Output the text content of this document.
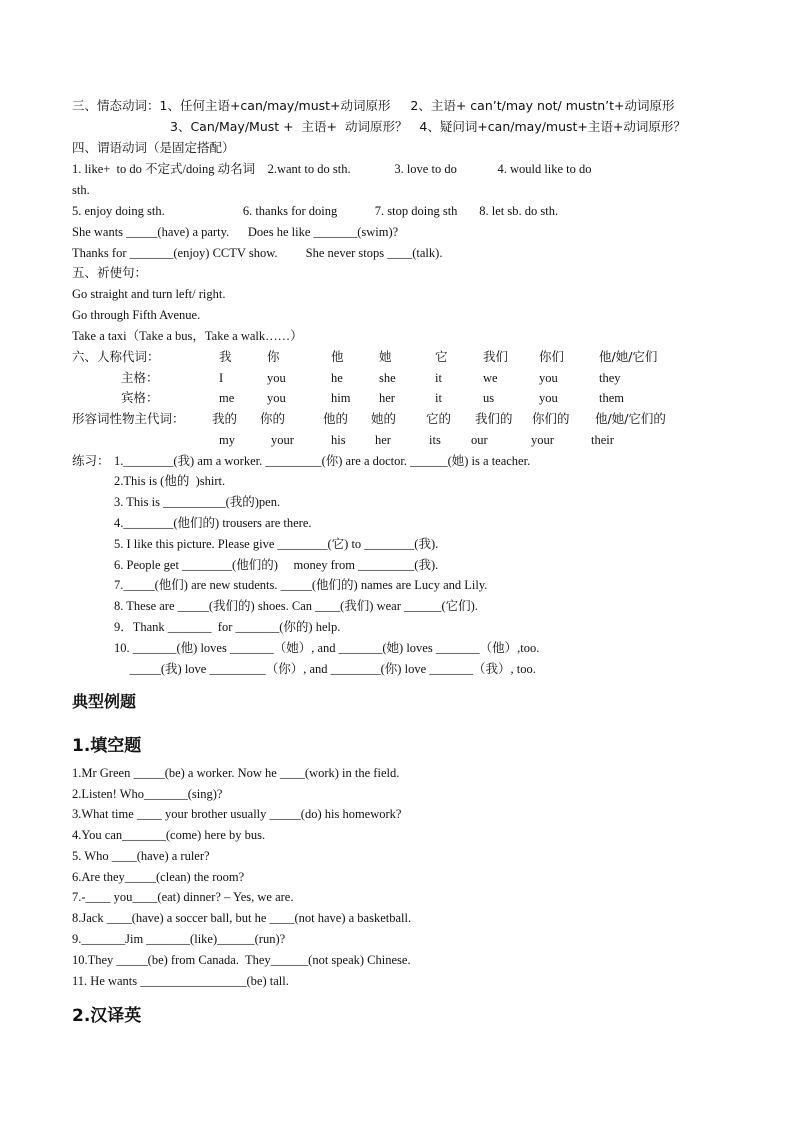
三、情态动词：1、任何主语+can/may/must+动词原形     2、主语+ can’t/may not/ mustn’t+动词原形
3、Can/May/Must +  主语+  动词原形？   4、疑问词+can/may/must+主语+动词原形？
四、谓语动词（是固定搭配）
1. like+  to do 不定式/doing 动名词    2.want to do sth.              3. love to do             4. would like to do
sth.
5. enjoy doing sth.                         6. thanks for doing            7. stop doing sth       8. let sb. do sth.
She wants _____(have) a party.      Does he like _______(swim)?
Thanks for _______(enjoy) CCTV show.         She never stops ____(talk).
五、祈使句：
Go straight and turn left/ right.
Go through Fifth Avenue.
Take a taxi（Take a bus，Take a walk……）
六、人称代词：	我	你	他	她	它	我们	你们	他/她/它们
主格：	I	you	he	she	it	we	you	they
宾格：	me	you	him	her	it	us	you	them
形容词性物主代词： 我的	你的	他的	她的	它的	我们的	你们的	他/她/它们的
my	your	his	her	its	our	your	their
练习： 1.________(我) am a worker. _________(你) are a doctor. ______(她) is a teacher.
2.This is (他的  )shirt.
3. This is __________(我的)pen.
4.________(他们的) trousers are there.
5. I like this picture. Please give ________(它) to ________(我).
6. People get ________(他们的)     money from _________(我).
7._____(他们) are new students. _____(他们的) names are Lucy and Lily.
8. These are _____(我们的) shoes. Can ____(我们) wear ______(它们).
9．Thank _______  for _______(你的) help.
10. _______(他) loves _______（她）, and _______(她) loves _______（他）,too.
_____(我) love _________（你）, and ________(你) love _______（我）, too.
典型例题
1.填空题
1.Mr Green _____(be) a worker. Now he ____(work) in the field.
2.Listen! Who_______(sing)?
3.What time ____ your brother usually _____(do) his homework?
4.You can_______(come) here by bus.
5. Who ____(have) a ruler?
6.Are they_____(clean) the room?
7.-____ you____(eat) dinner? – Yes, we are.
8.Jack ____(have) a soccer ball, but he ____(not have) a basketball.
9._______Jim _______(like)______(run)?
10.They _____(be) from Canada.  They______(not speak) Chinese.
11. He wants _________________(be) tall.
2.汉译英
